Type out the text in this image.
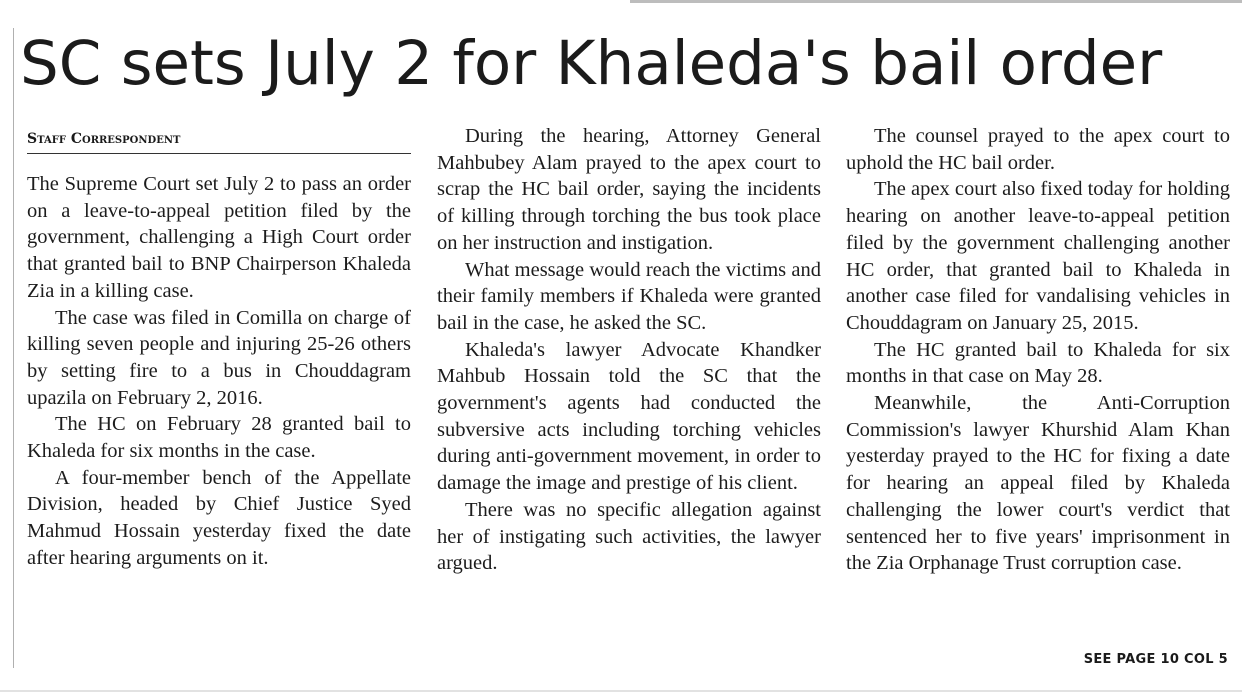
SC sets July 2 for Khaleda's bail order
Staff Correspondent

The Supreme Court set July 2 to pass an order on a leave-to-appeal petition filed by the government, challenging a High Court order that granted bail to BNP Chairperson Khaleda Zia in a killing case.

The case was filed in Comilla on charge of killing seven people and injuring 25-26 others by setting fire to a bus in Chouddagram upazila on February 2, 2016.

The HC on February 28 granted bail to Khaleda for six months in the case.

A four-member bench of the Appellate Division, headed by Chief Justice Syed Mahmud Hossain yesterday fixed the date after hearing arguments on it.

During the hearing, Attorney General Mahbubey Alam prayed to the apex court to scrap the HC bail order, saying the incidents of killing through torching the bus took place on her instruction and instigation.

What message would reach the victims and their family members if Khaleda were granted bail in the case, he asked the SC.

Khaleda's lawyer Advocate Khandker Mahbub Hossain told the SC that the government's agents had conducted the subversive acts including torching vehicles during anti-government movement, in order to damage the image and prestige of his client.

There was no specific allegation against her of instigating such activities, the lawyer argued.

The counsel prayed to the apex court to uphold the HC bail order.

The apex court also fixed today for holding hearing on another leave-to-appeal petition filed by the government challenging another HC order, that granted bail to Khaleda in another case filed for vandalising vehicles in Chouddagram on January 25, 2015.

The HC granted bail to Khaleda for six months in that case on May 28.

Meanwhile, the Anti-Corruption Commission's lawyer Khurshid Alam Khan yesterday prayed to the HC for fixing a date for hearing an appeal filed by Khaleda challenging the lower court's verdict that sentenced her to five years' imprisonment in the Zia Orphanage Trust corruption case.

SEE PAGE 10 COL 5
